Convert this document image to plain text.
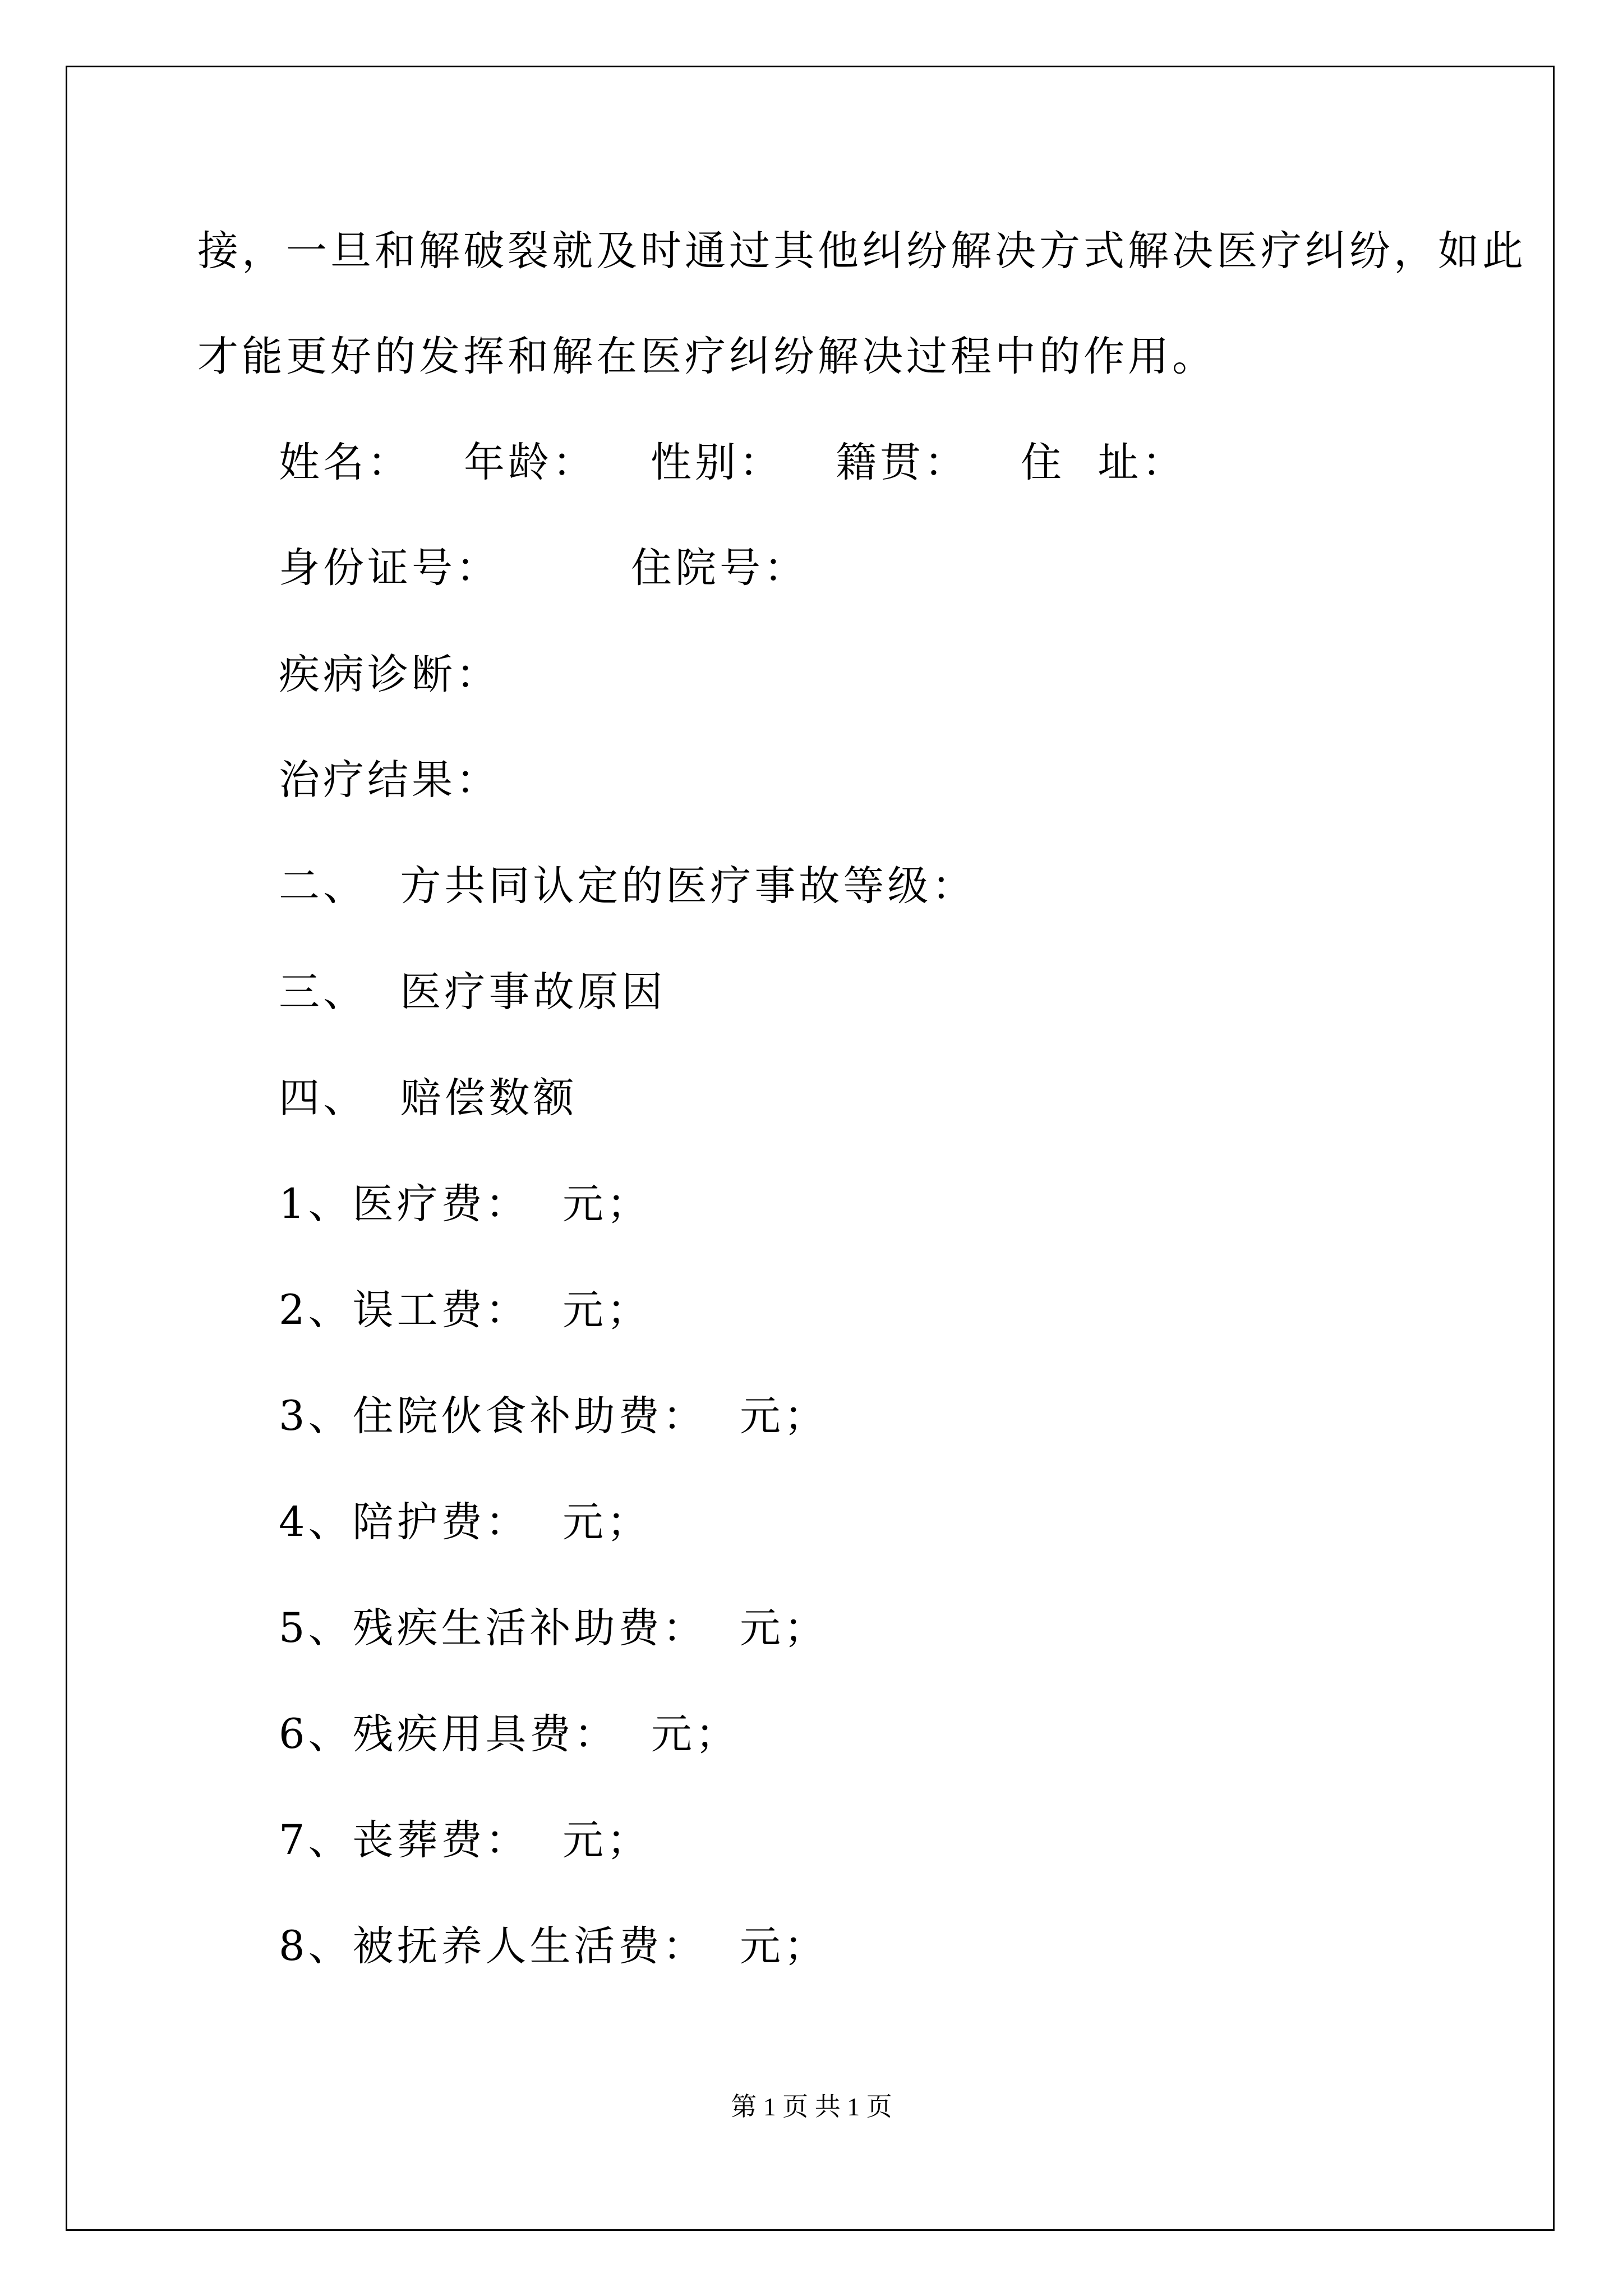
接，一旦和解破裂就及时通过其他纠纷解决方式解决医疗纠纷，如此
才能更好的发挥和解在医疗纠纷解决过程中的作用。
姓名： 年龄： 性别： 籍贯： 住  址：
身份证号：	住院号：
疾病诊断：
治疗结果：
二、  方共同认定的医疗事故等级：
三、  医疗事故原因
四、  赔偿数额
1、医疗费：  元；
2、误工费：  元；
3、住院伙食补助费：  元；
4、陪护费：  元；
5、残疾生活补助费：  元；
6、残疾用具费：  元；
7、丧葬费：  元；
8、被抚养人生活费：  元；
第 1 页 共 1 页
